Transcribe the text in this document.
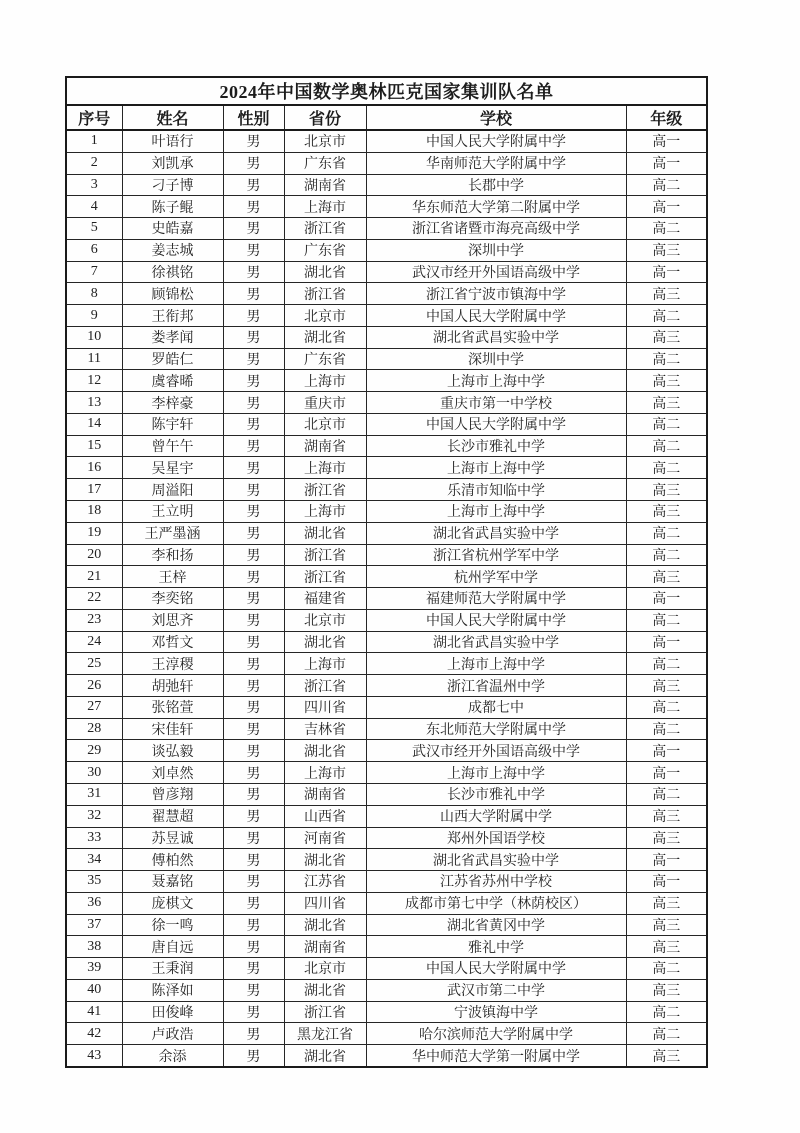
2024年中国数学奥林匹克国家集训队名单					
序号	姓名	性别	省份	学校	年级
1	叶语行	男	北京市	中国人民大学附属中学	高一
2	刘凯承	男	广东省	华南师范大学附属中学	高一
3	刁子博	男	湖南省	长郡中学	高二
4	陈子鲲	男	上海市	华东师范大学第二附属中学	高一
5	史皓嘉	男	浙江省	浙江省诸暨市海亮高级中学	高二
6	姜志城	男	广东省	深圳中学	高三
7	徐祺铭	男	湖北省	武汉市经开外国语高级中学	高一
8	顾锦松	男	浙江省	浙江省宁波市镇海中学	高三
9	王衔邦	男	北京市	中国人民大学附属中学	高二
10	娄孝闻	男	湖北省	湖北省武昌实验中学	高三
11	罗皓仁	男	广东省	深圳中学	高二
12	虞睿晞	男	上海市	上海市上海中学	高三
13	李梓豪	男	重庆市	重庆市第一中学校	高三
14	陈宇轩	男	北京市	中国人民大学附属中学	高二
15	曾午午	男	湖南省	长沙市雅礼中学	高二
16	吴星宇	男	上海市	上海市上海中学	高二
17	周溢阳	男	浙江省	乐清市知临中学	高三
18	王立明	男	上海市	上海市上海中学	高三
19	王严墨涵	男	湖北省	湖北省武昌实验中学	高二
20	李和扬	男	浙江省	浙江省杭州学军中学	高二
21	王梓	男	浙江省	杭州学军中学	高三
22	李奕铭	男	福建省	福建师范大学附属中学	高一
23	刘思齐	男	北京市	中国人民大学附属中学	高二
24	邓哲文	男	湖北省	湖北省武昌实验中学	高一
25	王淳稷	男	上海市	上海市上海中学	高二
26	胡弛轩	男	浙江省	浙江省温州中学	高三
27	张铭萱	男	四川省	成都七中	高二
28	宋佳轩	男	吉林省	东北师范大学附属中学	高二
29	谈弘毅	男	湖北省	武汉市经开外国语高级中学	高一
30	刘卓然	男	上海市	上海市上海中学	高一
31	曾彦翔	男	湖南省	长沙市雅礼中学	高二
32	翟慧超	男	山西省	山西大学附属中学	高三
33	苏昱诚	男	河南省	郑州外国语学校	高三
34	傅柏然	男	湖北省	湖北省武昌实验中学	高一
35	聂嘉铭	男	江苏省	江苏省苏州中学校	高一
36	庞棋文	男	四川省	成都市第七中学（林荫校区）	高三
37	徐一鸣	男	湖北省	湖北省黄冈中学	高三
38	唐自远	男	湖南省	雅礼中学	高三
39	王秉润	男	北京市	中国人民大学附属中学	高二
40	陈泽如	男	湖北省	武汉市第二中学	高三
41	田俊峰	男	浙江省	宁波镇海中学	高二
42	卢政浩	男	黑龙江省	哈尔滨师范大学附属中学	高二
43	余添	男	湖北省	华中师范大学第一附属中学	高三
